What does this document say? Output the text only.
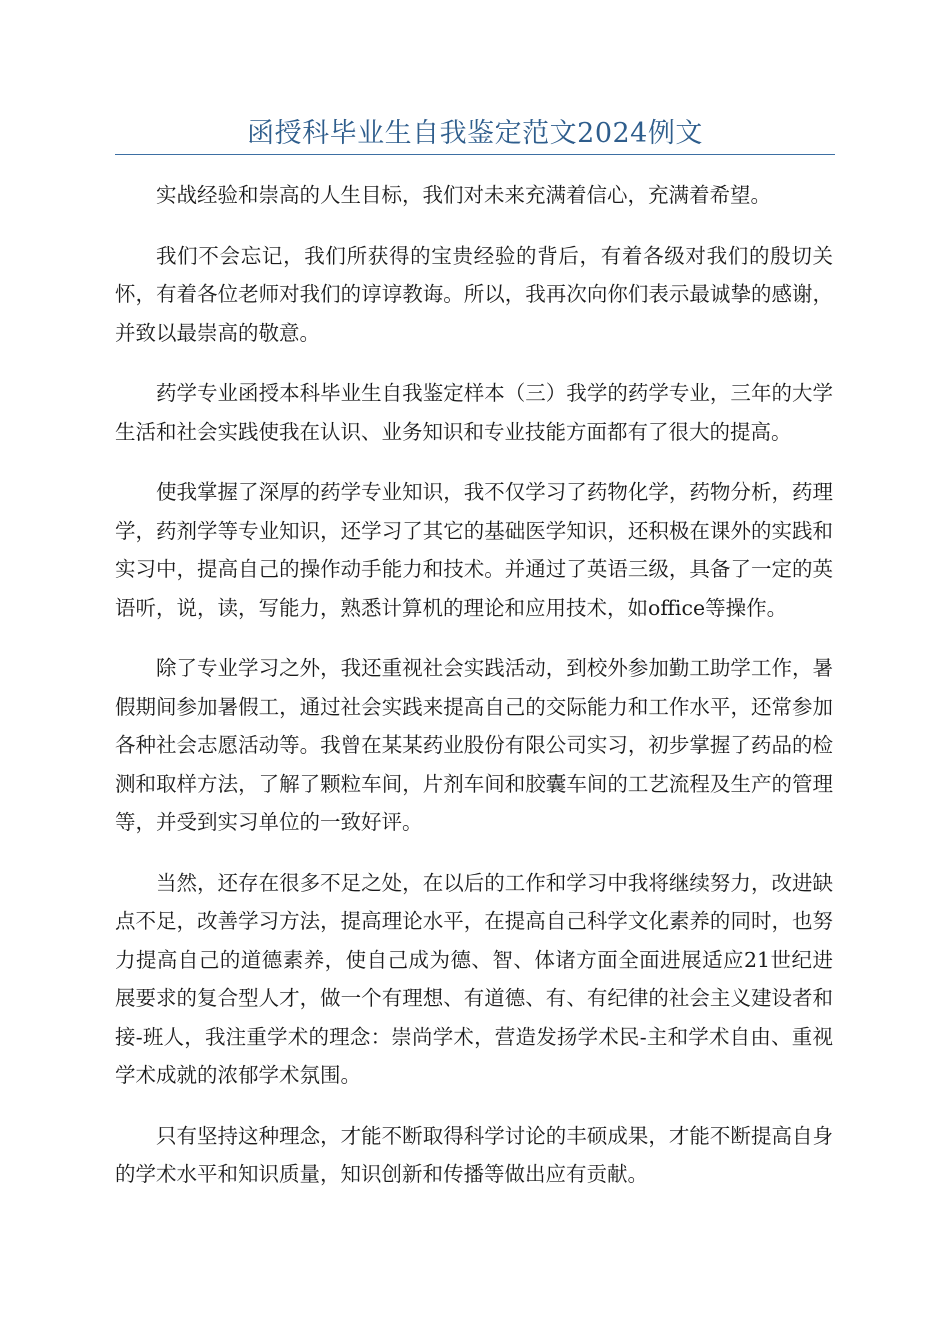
函授科毕业生自我鉴定范文2024例文

实战经验和崇高的人生目标，我们对未来充满着信心，充满着希望。

我们不会忘记，我们所获得的宝贵经验的背后，有着各级对我们的殷切关怀，有着各位老师对我们的谆谆教诲。所以，我再次向你们表示最诚挚的感谢，并致以最崇高的敬意。

药学专业函授本科毕业生自我鉴定样本（三）我学的药学专业，三年的大学生活和社会实践使我在认识、业务知识和专业技能方面都有了很大的提高。

使我掌握了深厚的药学专业知识，我不仅学习了药物化学，药物分析，药理学，药剂学等专业知识，还学习了其它的基础医学知识，还积极在课外的实践和实习中，提高自己的操作动手能力和技术。并通过了英语三级，具备了一定的英语听，说，读，写能力，熟悉计算机的理论和应用技术，如office等操作。

除了专业学习之外，我还重视社会实践活动，到校外参加勤工助学工作，暑假期间参加暑假工，通过社会实践来提高自己的交际能力和工作水平，还常参加各种社会志愿活动等。我曾在某某药业股份有限公司实习，初步掌握了药品的检测和取样方法，了解了颗粒车间，片剂车间和胶囊车间的工艺流程及生产的管理等，并受到实习单位的一致好评。

当然，还存在很多不足之处，在以后的工作和学习中我将继续努力，改进缺点不足，改善学习方法，提高理论水平，在提高自己科学文化素养的同时，也努力提高自己的道德素养，使自己成为德、智、体诸方面全面进展适应21世纪进展要求的复合型人才，做一个有理想、有道德、有、有纪律的社会主义建设者和接-班人，我注重学术的理念：崇尚学术，营造发扬学术民-主和学术自由、重视学术成就的浓郁学术氛围。

只有坚持这种理念，才能不断取得科学讨论的丰硕成果，才能不断提高自身的学术水平和知识质量，知识创新和传播等做出应有贡献。
